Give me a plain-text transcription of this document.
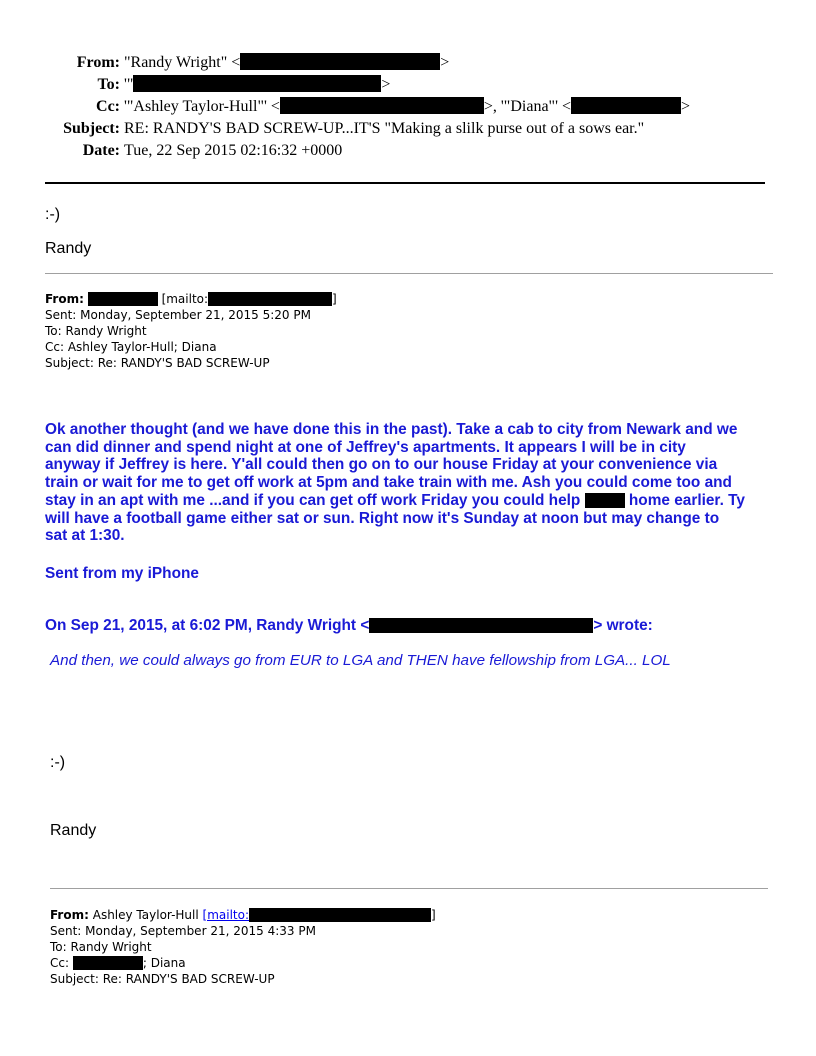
From: "Randy Wright" <	>
To: '"	>
Cc: '"Ashley Taylor-Hull"' <	>, '"Diana"' <	>
Subject: RE: RANDY'S BAD SCREW-UP...IT'S "Making a slilk purse out of a sows ear."
Date: Tue, 22 Sep 2015 02:16:32 +0000
:-)
Randy
From:	[mailto:	]
Sent: Monday, September 21, 2015 5:20 PM
To: Randy Wright
Cc: Ashley Taylor-Hull; Diana
Subject: Re: RANDY'S BAD SCREW-UP
Ok another thought (and we have done this in the past). Take a cab to city from Newark and we
can did dinner and spend night at one of Jeffrey's apartments. It appears I will be in city
anyway if Jeffrey is here. Y'all could then go on to our house Friday at your convenience via
train or wait for me to get off work at 5pm and take train with me. Ash you could come too and
stay in an apt with me ...and if you can get off work Friday you could help	home earlier. Ty
will have a football game either sat or sun. Right now it's Sunday at noon but may change to
sat at 1:30.
Sent from my iPhone
On Sep 21, 2015, at 6:02 PM, Randy Wright <	> wrote:
And then, we could always go from EUR to LGA and THEN have fellowship from LGA... LOL
:-)
Randy
From: Ashley Taylor-Hull [mailto:	]
Sent: Monday, September 21, 2015 4:33 PM
To: Randy Wright
Cc:	; Diana
Subject: Re: RANDY'S BAD SCREW-UP
